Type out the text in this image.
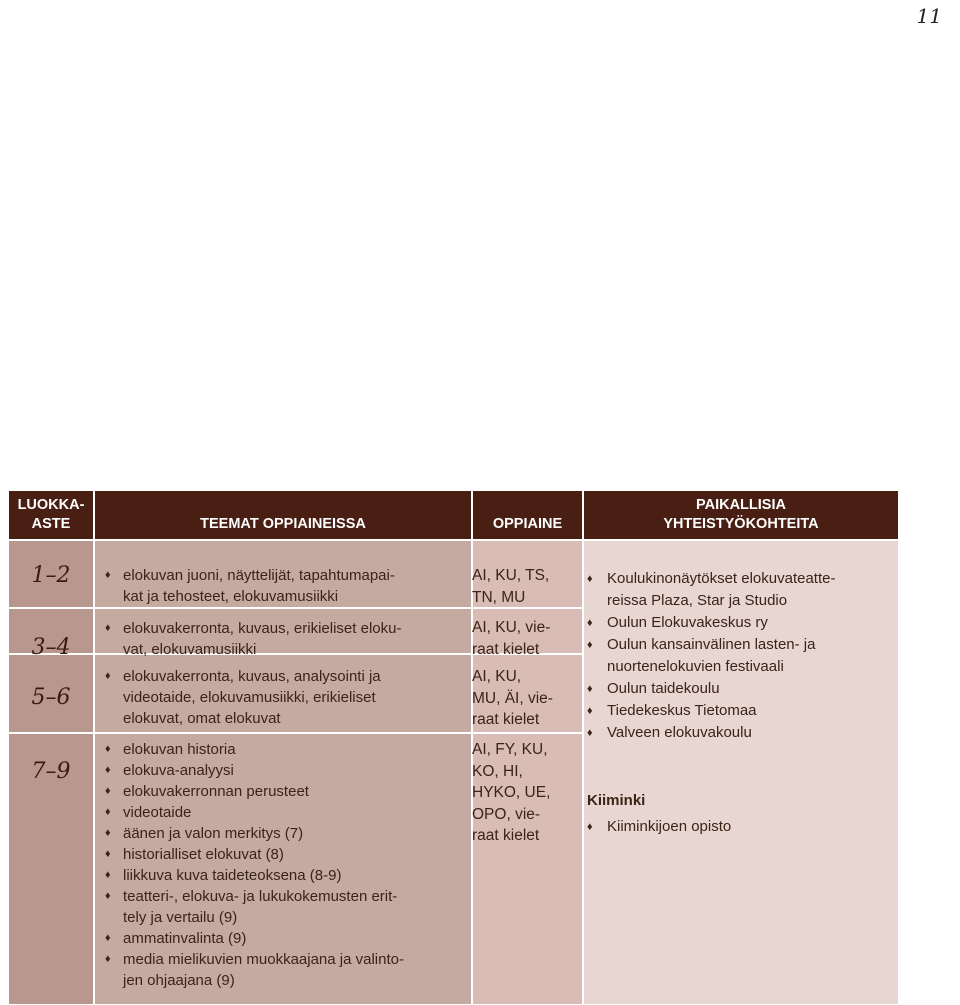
11
LUOKKA-
ASTE	TEEMAT OPPIAINEISSA	OPPIAINE
PAIKALLISIA
YHTEISTYÖKOHTEITA
1–2
3–4
5–6
7–9
♦ elokuvan juoni, näyttelijät, tapahtumapai-
kat ja tehosteet, elokuvamusiikki
♦ elokuvakerronta, kuvaus, erikieliset eloku-
vat, elokuvamusiikki
♦ elokuvakerronta, kuvaus, analysointi ja
videotaide, elokuvamusiikki, erikieliset
elokuvat, omat elokuvat
♦ elokuvan historia
♦ elokuva-analyysi
♦ elokuvakerronnan perusteet
♦ videotaide
♦ äänen ja valon merkitys (7)
♦ historialliset elokuvat (8)
♦ liikkuva kuva taideteoksena (8-9)
♦ teatteri-, elokuva- ja lukukokemusten erit-
tely ja vertailu (9)
♦ ammatinvalinta (9)
♦ media mielikuvien muokkaajana ja valinto-
jen ohjaajana (9)
AI, KU, TS,
TN, MU
AI, KU, vie-
raat kielet
AI, KU,
MU, ÄI, vie-
raat kielet
AI, FY, KU,
KO, HI,
HYKO, UE,
OPO, vie-
raat kielet
♦ Koulukinonäytökset elokuvateatte-
reissa Plaza, Star ja Studio
♦ Oulun Elokuvakeskus ry
♦ Oulun kansainvälinen lasten- ja
nuortenelokuvien festivaali
♦ Oulun taidekoulu
♦ Tiedekeskus Tietomaa
♦ Valveen elokuvakoulu
Kiiminki
♦ Kiiminkijoen opisto
